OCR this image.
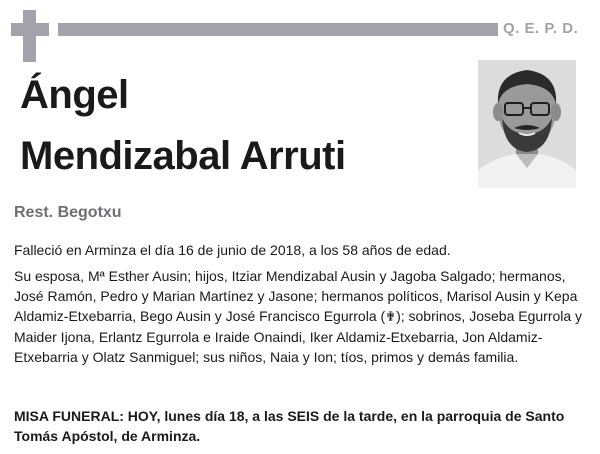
Q. E. P. D.
Ángel
Mendizabal Arruti
Rest. Begotxu
Falleció en Arminza el día 16 de junio de 2018, a los 58 años de edad.
Su esposa, Mª Esther Ausin; hijos, Itziar Mendizabal Ausin y Jagoba Salgado; hermanos, José Ramón, Pedro y Marian Martínez y Jasone; hermanos políticos, Marisol Ausin y Kepa Aldamiz-Etxebarria, Bego Ausin y José Francisco Egurrola (✟); sobrinos, Joseba Egurrola y Maider Ijona, Erlantz Egurrola e Iraide Onaindi, Iker Aldamiz-Etxebarria, Jon Aldamiz-Etxebarria y Olatz Sanmiguel; sus niños, Naia y Ion; tíos, primos y demás familia.
MISA FUNERAL: HOY, lunes día 18, a las SEIS de la tarde, en la parroquia de Santo Tomás Apóstol, de Arminza.
